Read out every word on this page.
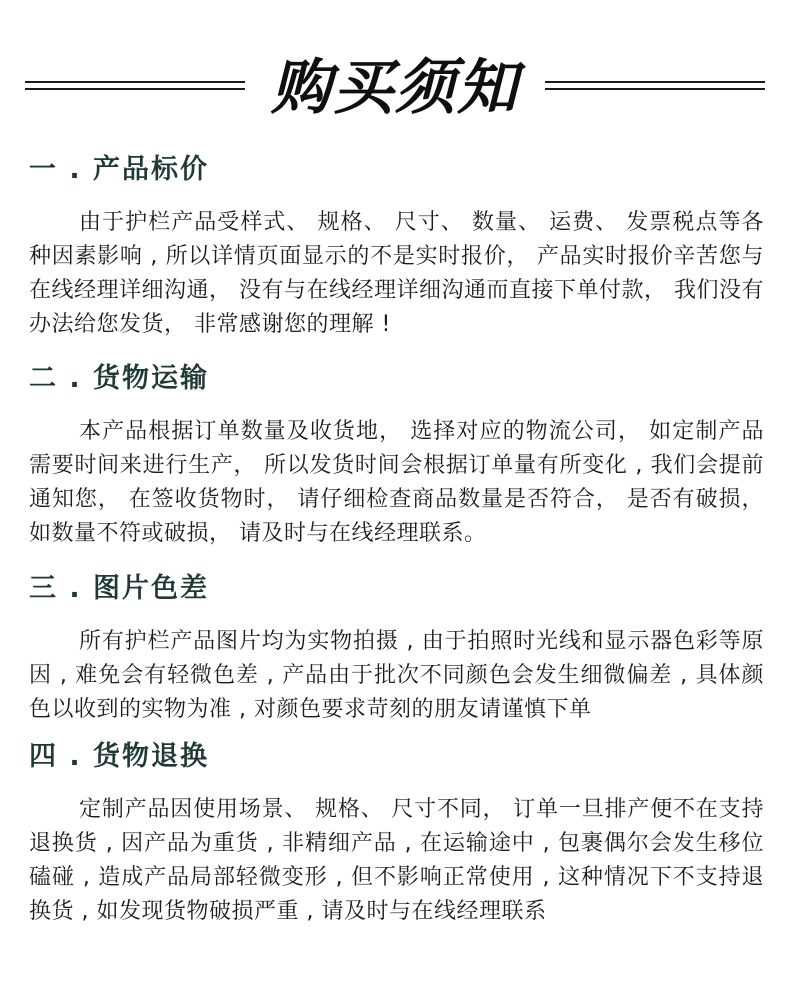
购买须知
一 . 产品标价
由于护栏产品受样式、 规格、 尺寸、 数量、 运费、 发票税点等各种因素影响 , 所以详情页面显示的不是实时报价， 产品实时报价辛苦您与在线经理详细沟通， 没有与在线经理详细沟通而直接下单付款， 我们没有办法给您发货， 非常感谢您的理解 !
二 . 货物运输
本产品根据订单数量及收货地， 选择对应的物流公司， 如定制产品需要时间来进行生产， 所以发货时间会根据订单量有所变化 , 我们会提前通知您， 在签收货物时， 请仔细检查商品数量是否符合， 是否有破损， 如数量不符或破损， 请及时与在线经理联系。
三 . 图片色差
所有护栏产品图片均为实物拍摄 , 由于拍照时光线和显示器色彩等原因 , 难免会有轻微色差 , 产品由于批次不同颜色会发生细微偏差 , 具体颜色以收到的实物为准 , 对颜色要求苛刻的朋友请谨慎下单
四 . 货物退换
定制产品因使用场景、 规格、 尺寸不同， 订单一旦排产便不在支持退换货 , 因产品为重货 , 非精细产品 , 在运输途中 , 包裹偶尔会发生移位磕碰 , 造成产品局部轻微变形 , 但不影响正常使用 , 这种情况下不支持退换货 , 如发现货物破损严重 , 请及时与在线经理联系
